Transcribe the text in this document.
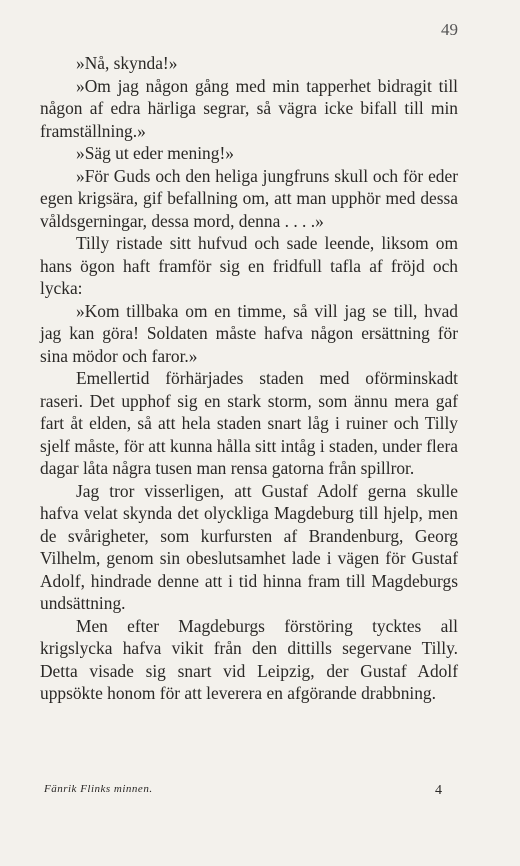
49

»Nå, skynda!»

»Om jag någon gång med min tapperhet bidragit till någon af edra härliga segrar, så vägra icke bifall till min framställning.»

»Säg ut eder mening!»

»För Guds och den heliga jungfruns skull och för eder egen krigsära, gif befallning om, att man upphör med dessa våldsgerningar, dessa mord, denna . . . .»

Tilly ristade sitt hufvud och sade leende, liksom om hans ögon haft framför sig en fridfull tafla af fröjd och lycka:

»Kom tillbaka om en timme, så vill jag se till, hvad jag kan göra! Soldaten måste hafva någon ersättning för sina mödor och faror.»

Emellertid förhärjades staden med oförminskadt raseri. Det upphof sig en stark storm, som ännu mera gaf fart åt elden, så att hela staden snart låg i ruiner och Tilly sjelf måste, för att kunna hålla sitt intåg i staden, under flera dagar låta några tusen man rensa gatorna från spillror.

Jag tror visserligen, att Gustaf Adolf gerna skulle hafva velat skynda det olyckliga Magdeburg till hjelp, men de svårigheter, som kurfursten af Brandenburg, Georg Vilhelm, genom sin obeslutsamhet lade i vägen för Gustaf Adolf, hindrade denne att i tid hinna fram till Magdeburgs undsättning.

Men efter Magdeburgs förstöring tycktes all krigslycka hafva vikit från den dittills segervane Tilly. Detta visade sig snart vid Leipzig, der Gustaf Adolf uppsökte honom för att leverera en afgörande drabbning.

Fänrik Flinks minnen.	4
